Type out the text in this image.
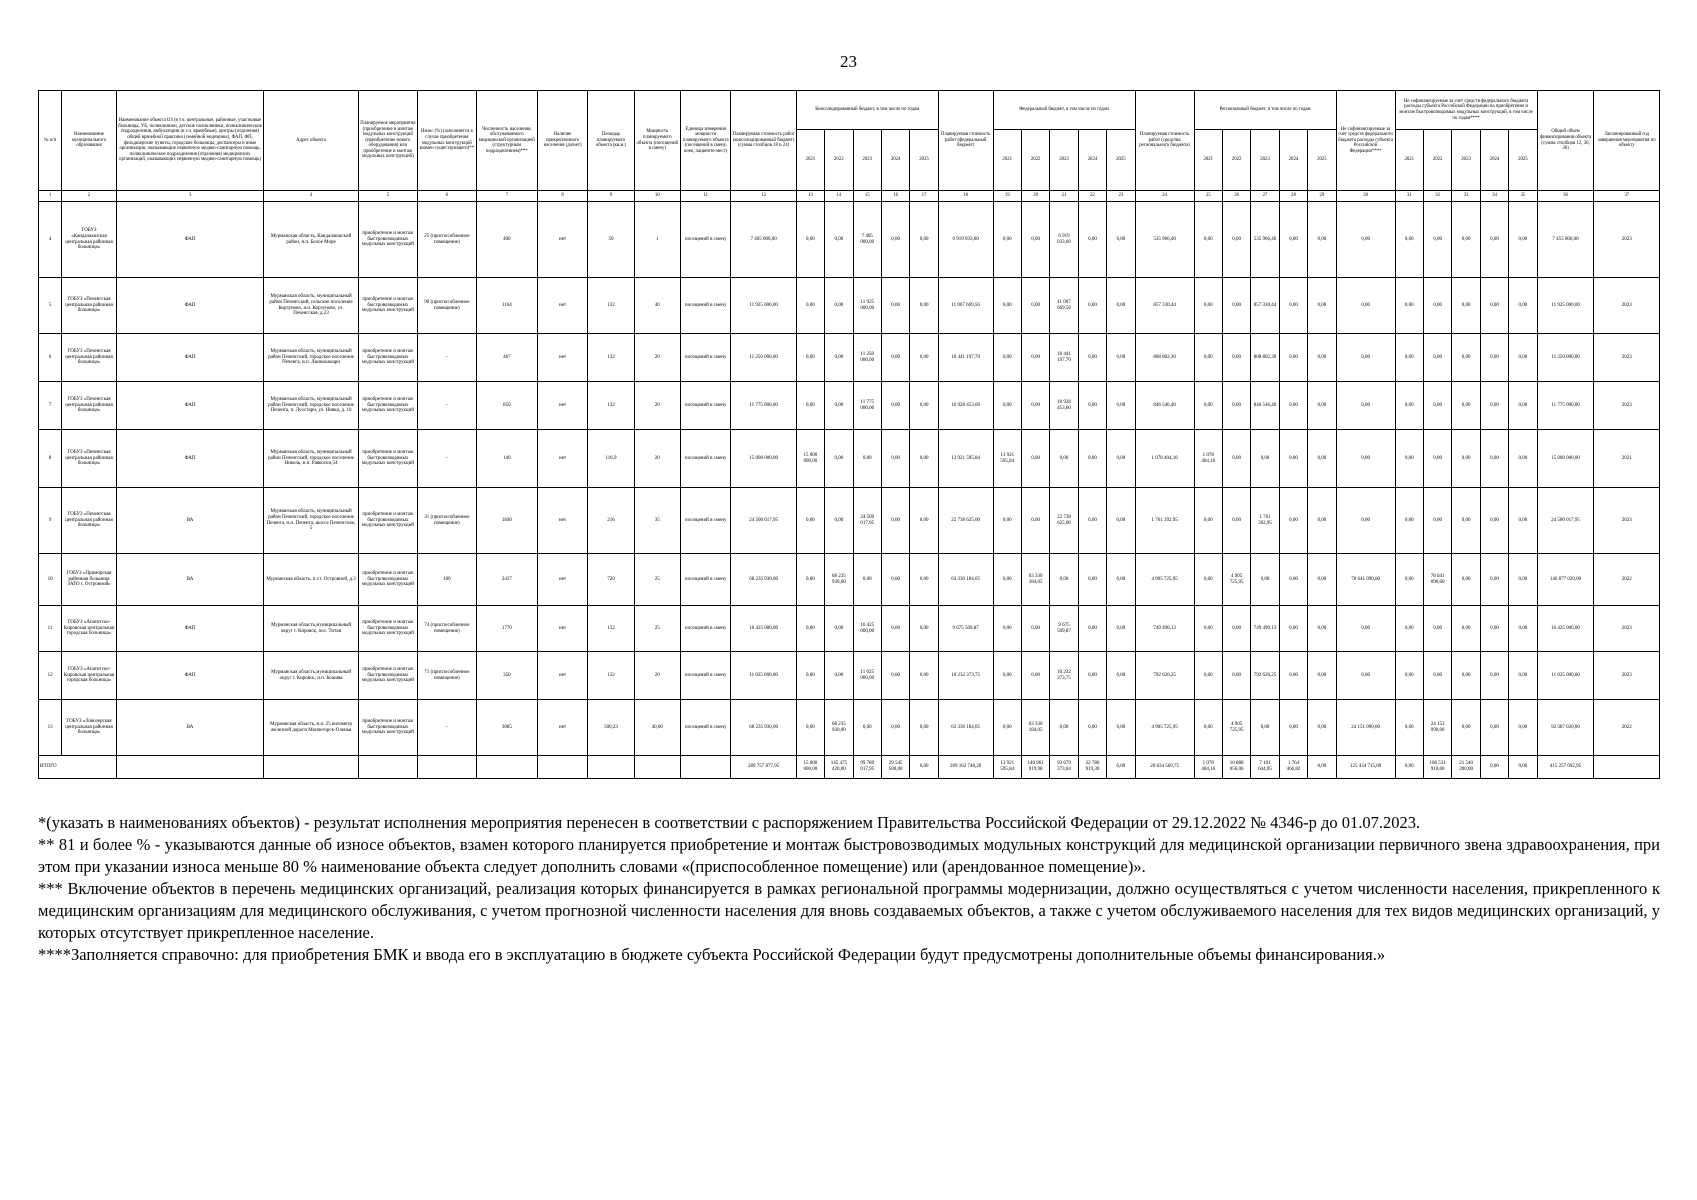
23
№ п/п	Наименование муниципального образования	Наименование объекта ОЗ (в т.ч. центральные, районные, участковые больницы, УБ, поликлиники, детские поликлиники, поликлинические подразделения, амбулатории (в т.ч. врачебные), центры (отделения) общей врачебной практики (семейной медицины), ФАП, ФП, фельдшерские пункты, городские больницы, диспансеры и иные организации, оказывающие первичную медико-санитарную помощь, поликлинические подразделения (отделения) медицинских организаций, оказывающих первичную медико-санитарную помощь)	Адрес объекта	Планируемое мероприятие (приобретение и монтаж модульных конструкций (приобретение нового оборудования) или приобретение и монтаж модульных конструкций)	Износ (%) (заполняется в случае приобретения модульных конструкций взамен существующего)**	Численность населения, обслуживаемого медицинской организацией (структурным подразделением)***	Наличие прикрепленного населения (да/нет)	Площадь планируемого объекта (кв.м.)	Мощность планируемого объекта (посещений в смену)	Единица измерения мощности планируемого объекта (посещений в смену, коек, пациенто-мест)	Планируемая стоимость работ (консолидированный бюджет) (сумма столбцов 18 и 24)	Консолидированный бюджет, в том числе по годам					Планируемая стоимость работ (федеральный бюджет)	Федеральный бюджет, в том числе по годам					Планируемая стоимость работ (средства регионального бюджета)	Региональный бюджет, в том числе по годам					Не софинансируемые за счет средств федерального бюджета расходы субъекта Российской Федерации****	Не софинансируемые за счет средств федерального бюджета расходы субъекта Российской Федерации на приобретение и монтаж быстровозводимых модульных конструкций, в том числе по годам****					Общий объем финансирования объекта (сумма столбцов 12, 30, 36)	Запланированный год завершения мероприятия по объекту
												2021	2022	2023	2024	2025		2021	2022	2023	2024	2025		2021	2022	2023	2024	2025		2021	2022	2023	2024	2025		
1	2	3	4	5	6	7	8	9	10	11	12	13	14	15	16	17	18	19	20	21	22	23	24	25	26	27	28	29	30	31	32	33	34	35	36	37
4	ГОБУЗ «Кандалакшская центральная районная больница»	ФАП	Мурманская область, Кандалакшский район, н.п. Белое Море	приобретение и монтаж быстровозводимых модульных конструкций	25 (приспособленное помещение)	400	нет	50	1	посещений в смену	7 405 000,00	0,00	0,00	7 405 000,00	0,00	0,00	6 919 033,60	0,00	0,00	6 919 033,60	0,00	0,00	535 966,40	0,00	0,00	535 966,40	0,00	0,00	0,00	0,00	0,00	0,00	0,00	0,00	7 455 000,00	2023
5	ГОБУЗ «Печенгская центральная районная больница»	ФАП	Мурманская область, муниципальный район Печенгский, сельское поселение Корзуново, н.п. Корзуново, ул. Печенгская, д.23	приобретение и монтаж быстровозводимых модульных конструкций	90 (приспособленное помещение)	1164	нет	132	40	посещений в смену	11 925 000,00	0,00	0,00	11 925 000,00	0,00	0,00	11 067 669,56	0,00	0,00	11 067 669,56	0,00	0,00	857 330,44	0,00	0,00	857 330,44	0,00	0,00	0,00	0,00	0,00	0,00	0,00	0,00	11 925 000,00	2023
6	ГОБУЗ «Печенгская центральная районная больница»	ФАП	Мурманская область, муниципальный район Печенгский, городское поселение Печенга, н.п. Лиинахамари	приобретение и монтаж быстровозводимых модульных конструкций	-	467	нет	132	20	посещений в смену	11 250 000,00	0,00	0,00	11 250 000,00	0,00	0,00	10 441 197,70	0,00	0,00	10 441 197,70	0,00	0,00	808 802,30	0,00	0,00	808 802,30	0,00	0,00	0,00	0,00	0,00	0,00	0,00	0,00	11 250 000,00	2023
7	ГОБУЗ «Печенгская центральная районная больница»	ФАП	Мурманская область, муниципальный район Печенгский, городское поселение Печенга, п. Луостари, ул. Нивка, д. 10	приобретение и монтаж быстровозводимых модульных конструкций	-	850	нет	132	20	посещений в смену	11 775 000,00	0,00	0,00	11 775 000,00	0,00	0,00	10 928 453,60	0,00	0,00	10 928 453,60	0,00	0,00	846 546,40	0,00	0,00	846 546,40	0,00	0,00	0,00	0,00	0,00	0,00	0,00	0,00	11 775 000,00	2023
8	ГОБУЗ «Печенгская центральная районная больница»	ФАП	Мурманская область, муниципальный район Печенгский, городское поселение Никель, н.п. Раякоски,54	приобретение и монтаж быстровозводимых модульных конструкций	-	140	нет	116,9	20	посещений в смену	15 000 000,00	15 000 000,00	0,00	0,00	0,00	0,00	13 921 595,84	13 921 595,84	0,00	0,00	0,00	0,00	1 078 404,16	1 078 404,16	0,00	0,00	0,00	0,00	0,00	0,00	0,00	0,00	0,00	0,00	15 000 000,00	2021
9	ГОБУЗ «Печенгская центральная районная больница»	ВА	Мурманская область, муниципальный район Печенгский, городское поселение Печенга, н.п. Печенга, шоссе Печенгское, 5	приобретение и монтаж быстровозводимых модульных конструкций	31 (приспособленное помещение)	1840	нет	216	35	посещений в смену	24 500 017,95	0,00	0,00	24 500 017,95	0,00	0,00	22 738 625,00	0,00	0,00	22 738 625,00	0,00	0,00	1 761 392,95	0,00	0,00	1 761 392,95	0,00	0,00	0,00	0,00	0,00	0,00	0,00	0,00	24 500 017,95	2023
10	ГОБУЗ «Приморская районная больница ЗАТО г. Островной»	ВА	Мурманская область, п.г.т. Островной, д.3	приобретение и монтаж быстровозводимых модульных конструкций	100	2437	нет	720	25	посещений в смену	68 235 930,00	0,00	68 235 930,00	0,00	0,00	0,00	63 330 184,05	0,00	63 330 184,05	0,00	0,00	0,00	4 905 725,95	0,00	4 905 725,95	0,00	0,00	0,00	78 641 090,00	0,00	78 641 090,00	0,00	0,00	0,00	146 877 020,00	2022
11	ГОБУЗ «Апатитско-Кировская центральная городская больница»	ФАП	Мурманская область,муниципальный округ г. Кировск, пос. Титан	приобретение и монтаж быстровозводимых модульных конструкций	74 (приспособленное помещение)	1770	нет	132	25	посещений в смену	10 425 000,00	0,00	0,00	10 425 000,00	0,00	0,00	9 675 509,87	0,00	0,00	9 675 509,87	0,00	0,00	749 490,13	0,00	0,00	749 490,13	0,00	0,00	0,00	0,00	0,00	0,00	0,00	0,00	10 425 000,00	2023
12	ГОБУЗ «Апатитско-Кировская центральная городская больница»	ФАП	Мурманская область,муниципальный округ г. Кировск, н.п. Коашва	приобретение и монтаж быстровозводимых модульных конструкций	71 (приспособленное помещение)	350	нет	132	20	посещений в смену	11 025 000,00	0,00	0,00	11 025 000,00	0,00	0,00	10 232 373,75	0,00	0,00	10 232 373,75	0,00	0,00	792 626,25	0,00	0,00	792 626,25	0,00	0,00	0,00	0,00	0,00	0,00	0,00	0,00	11 025 000,00	2023
13	ГОБУЗ «Ловозерская центральная районная больница»	ВА	Мурманская область, н.п. 25 километр железной дороги Мончегорск-Оленья	приобретение и монтаж быстровозводимых модульных конструкций	-	3085	нет	500,23	40,00	посещений в смену	68 235 930,00	0,00	68 235 930,00	0,00	0,00	0,00	63 330 184,05	0,00	63 330 184,05	0,00	0,00	0,00	4 905 725,95	0,00	4 905 725,95	0,00	0,00	0,00	24 151 090,00	0,00	24 151 090,00	0,00	0,00	0,00	92 387 020,00	2022
ИТОГО											289 757 877,95	15 000 000,00	145 475 420,00	99 780 017,95	29 545 500,00	0,00	269 162 748,20	13 921 595,84	140 961 919,98	93 679 373,84	22 780 919,30	0,00	20 834 569,75	1 078 404,16	10 888 056,06	7 101 644,05	1 764 466,82	0,00	125 434 715,00	0,00	106 531 910,00	21 540 200,00	0,00	0,00	415 257 092,95	

*(указать в наименованиях объектов) - результат исполнения мероприятия перенесен в соответствии с распоряжением Правительства Российской Федерации от 29.12.2022 № 4346-р до 01.07.2023.

** 81 и более % - указываются данные об износе объектов, взамен которого планируется приобретение и монтаж быстровозводимых модульных конструкций для медицинской организации первичного звена здравоохранения, при этом при указании износа меньше 80 % наименование объекта следует дополнить словами «(приспособленное помещение) или (арендованное помещение)».

*** Включение объектов в перечень медицинских организаций, реализация которых финансируется в рамках региональной программы модернизации, должно осуществляться с учетом численности населения, прикрепленного к медицинским организациям для медицинского обслуживания, с учетом прогнозной численности населения для вновь создаваемых объектов, а также с учетом обслуживаемого населения для тех видов медицинских организаций, у которых отсутствует прикрепленное население.

****Заполняется справочно: для приобретения БМК и ввода его в эксплуатацию в бюджете субъекта Российской Федерации будут предусмотрены дополнительные объемы финансирования.»
